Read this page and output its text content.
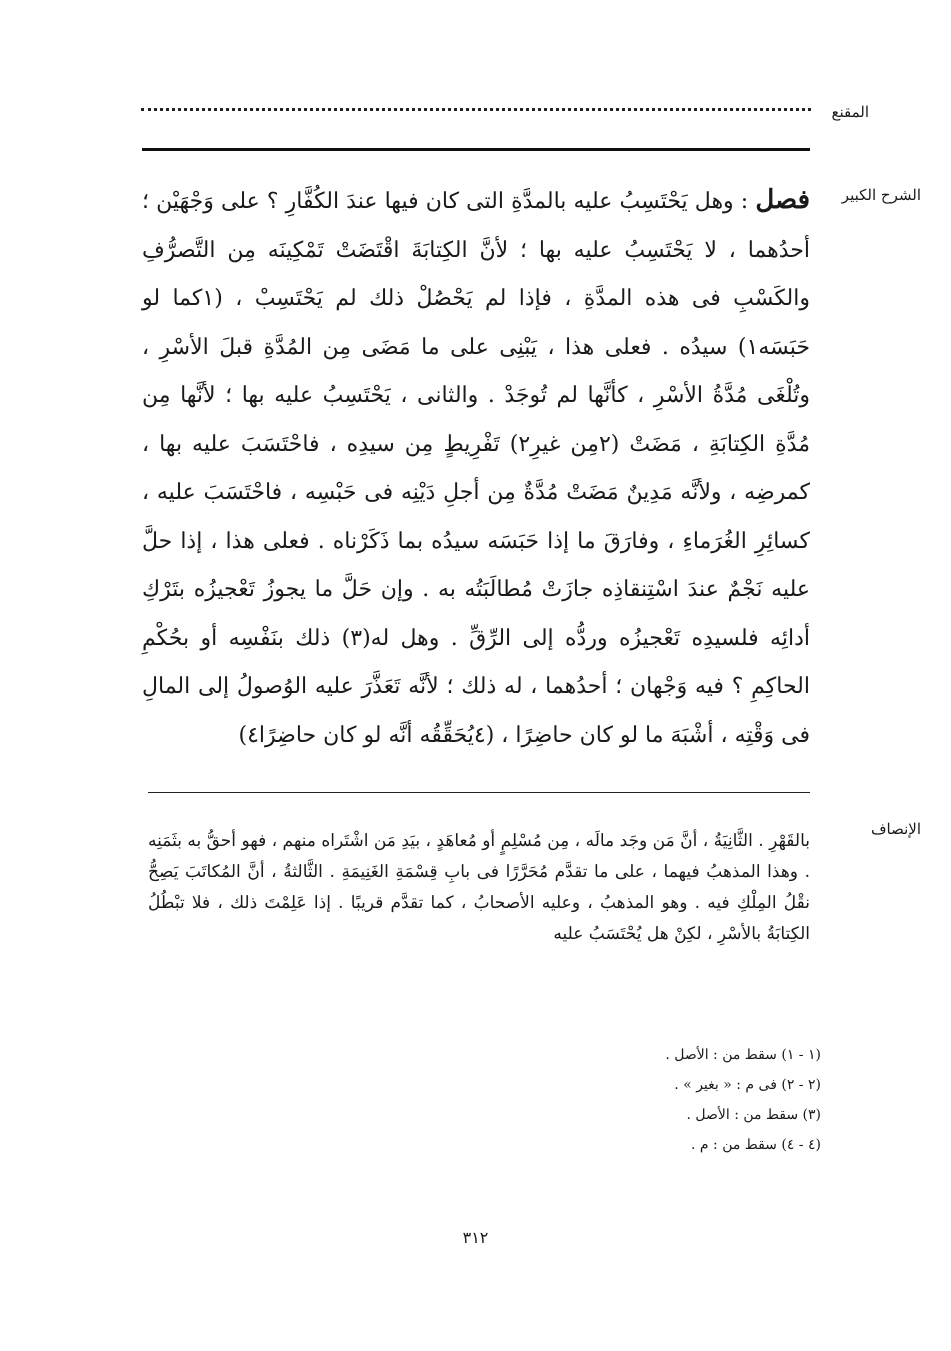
المقنع
الشرح الكبير
فصل : وهل يَحْتَسِبُ عليه بالمدَّةِ التى كان فيها عندَ الكُفَّارِ ؟ على وَجْهَيْن ؛ أحدُهما ، لا يَحْتَسِبُ عليه بها ؛ لأنَّ الكِتابَةَ اقْتَضَتْ تَمْكِينَه مِن التَّصرُّفِ والكَسْبِ فى هذه المدَّةِ ، فإذا لم يَحْصُلْ ذلك لم يَحْتَسِبْ ، (١كما لو حَبَسَه١) سيدُه . فعلى هذا ، يَبْنِى على ما مَضَى مِن المُدَّةِ قبلَ الأسْرِ ، وتُلْغَى مُدَّةُ الأسْرِ ، كأنَّها لم تُوجَدْ . والثانى ، يَحْتَسِبُ عليه بها ؛ لأنَّها مِن مُدَّةِ الكِتابَةِ ، مَضَتْ (٢مِن غيرِ٢) تَفْرِيطٍ مِن سيدِه ، فاحْتَسَبَ عليه بها ، كمرضِه ، ولأنَّه مَدِينٌ مَضَتْ مُدَّةٌ مِن أجلِ دَيْنِه فى حَبْسِه ، فاحْتَسَبَ عليه ، كسائِرِ الغُرَماءِ ، وفارَقَ ما إذا حَبَسَه سيدُه بما ذَكَرْناه . فعلى هذا ، إذا حلَّ عليه نَجْمٌ عندَ اسْتِنقاذِه جازَتْ مُطالَبَتُه به . وإن حَلَّ ما يجوزُ تَعْجيزُه بتَرْكِ أدائِه فلسيدِه تَعْجيزُه وردُّه إلى الرِّقِّ . وهل له(٣) ذلك بنَفْسِه أو بحُكْمِ الحاكِمِ ؟ فيه وَجْهان ؛ أحدُهما ، له ذلك ؛ لأنَّه تَعَذَّرَ عليه الوُصولُ إلى المالِ فى وَقْتِه ، أشْبَهَ ما لو كان حاضِرًا ، (٤يُحَقِّقُه أنَّه لو كان حاضِرًا٤)
الإنصاف
بالقَهْرِ . الثَّانِيَةُ ، أنَّ مَن وجَد مالَه ، مِن مُسْلِمٍ أو مُعاهَدٍ ، بيَدِ مَن اشْتَراه منهم ، فهو أحقُّ به بثَمَنِه . وهذا المذهبُ فيهما ، على ما تقدَّم مُحَرَّرًا فى بابِ قِسْمَةِ الغَنِيمَةِ . الثَّالثةُ ، أنَّ المُكاتَبَ يَصِحُّ نقْلُ المِلْكِ فيه . وهو المذهبُ ، وعليه الأصحابُ ، كما تقدَّم قريبًا . إذا عَلِمْتَ ذلك ، فلا تبْطُلُ الكِتابَةُ بالأسْرِ ، لكِنْ هل يُحْتَسَبُ عليه
(١ - ١) سقط من : الأصل .
(٢ - ٢) فى م : « بغير » .
(٣) سقط من : الأصل .
(٤ - ٤) سقط من : م .
٣١٢
